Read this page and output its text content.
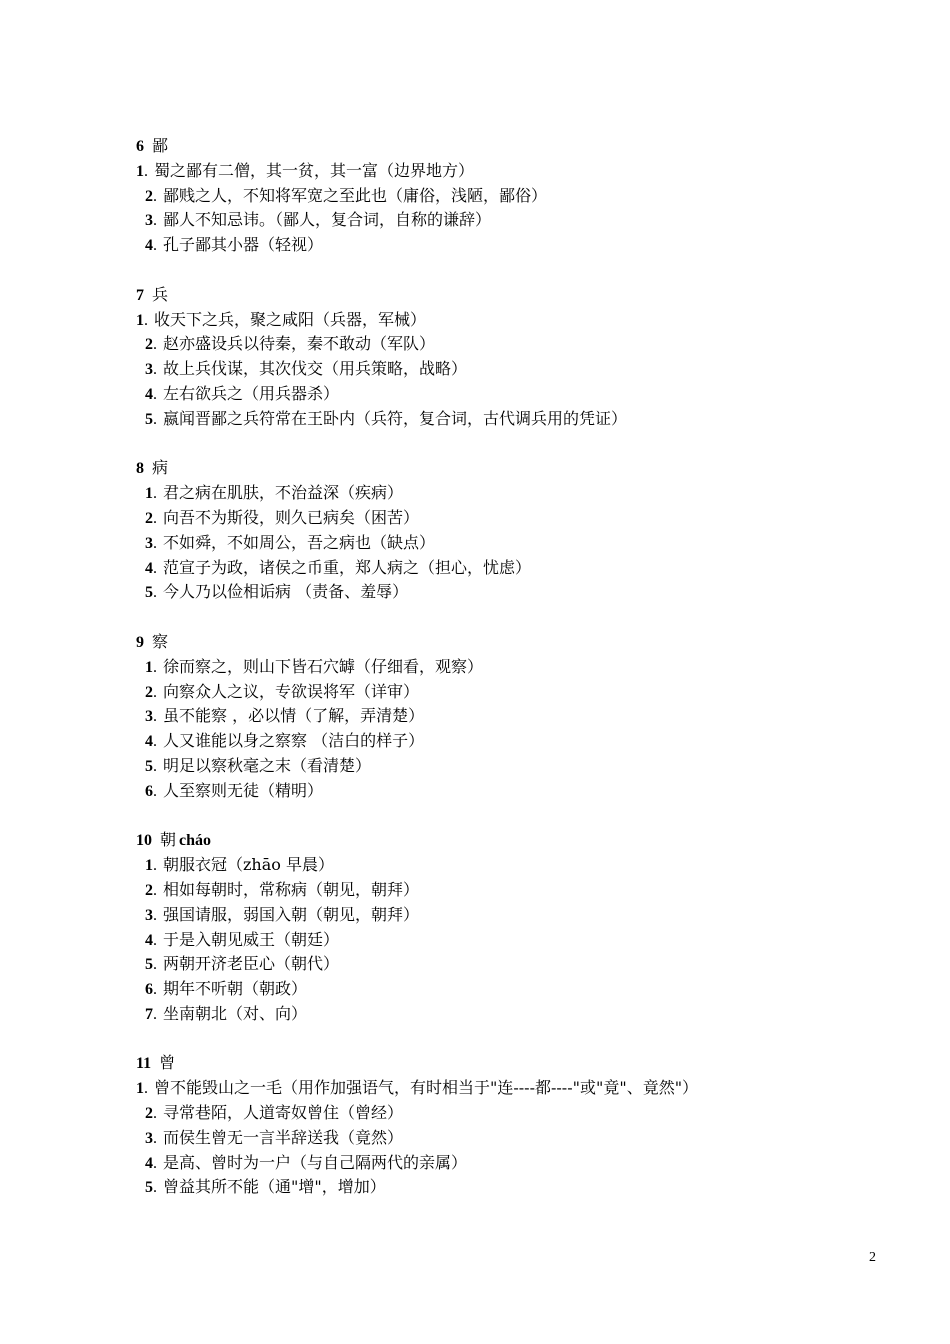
6 鄙
1 . 蜀之鄙有二僧，其一贫，其一富（边界地方）
2 . 鄙贱之人，不知将军宽之至此也（庸俗，浅陋，鄙俗）
3 . 鄙人不知忌讳。（鄙人，复合词，自称的谦辞）
4 . 孔子鄙其小器（轻视）
7 兵
1 . 收天下之兵，聚之咸阳（兵器，军械）
2 . 赵亦盛设兵以待秦，秦不敢动（军队）
3 . 故上兵伐谋，其次伐交（用兵策略，战略）
4 . 左右欲兵之（用兵器杀）
5 . 嬴闻晋鄙之兵符常在王卧内（兵符，复合词，古代调兵用的凭证）
8 病
1 . 君之病在肌肤，不治益深（疾病）
2 . 向吾不为斯役，则久已病矣（困苦）
3 . 不如舜，不如周公，吾之病也（缺点）
4 . 范宣子为政，诸侯之币重，郑人病之（担心，忧虑）
5 . 今人乃以俭相诟病 （责备、羞辱）
9 察
1 . 徐而察之，则山下皆石穴罅（仔细看，观察）
2 . 向察众人之议，专欲误将军（详审）
3 . 虽不能察 ，必以情（了解，弄清楚）
4 . 人又谁能以身之察察 （洁白的样子）
5 . 明足以察秋毫之末（看清楚）
6 . 人至察则无徒（精明）
10 朝 cháo
1 . 朝服衣冠（zhāo 早晨）
2 . 相如每朝时，常称病（朝见，朝拜）
3 . 强国请服，弱国入朝（朝见，朝拜）
4 . 于是入朝见威王（朝廷）
5 . 两朝开济老臣心（朝代）
6 . 期年不听朝（朝政）
7 . 坐南朝北（对、向）
11 曾
1 . 曾不能毁山之一毛（用作加强语气，有时相当于"连----都----"或"竟"、竟然"）
2 . 寻常巷陌，人道寄奴曾住（曾经）
3 . 而侯生曾无一言半辞送我（竟然）
4 . 是高、曾时为一户（与自己隔两代的亲属）
5 . 曾益其所不能（通"增"，增加）
2
